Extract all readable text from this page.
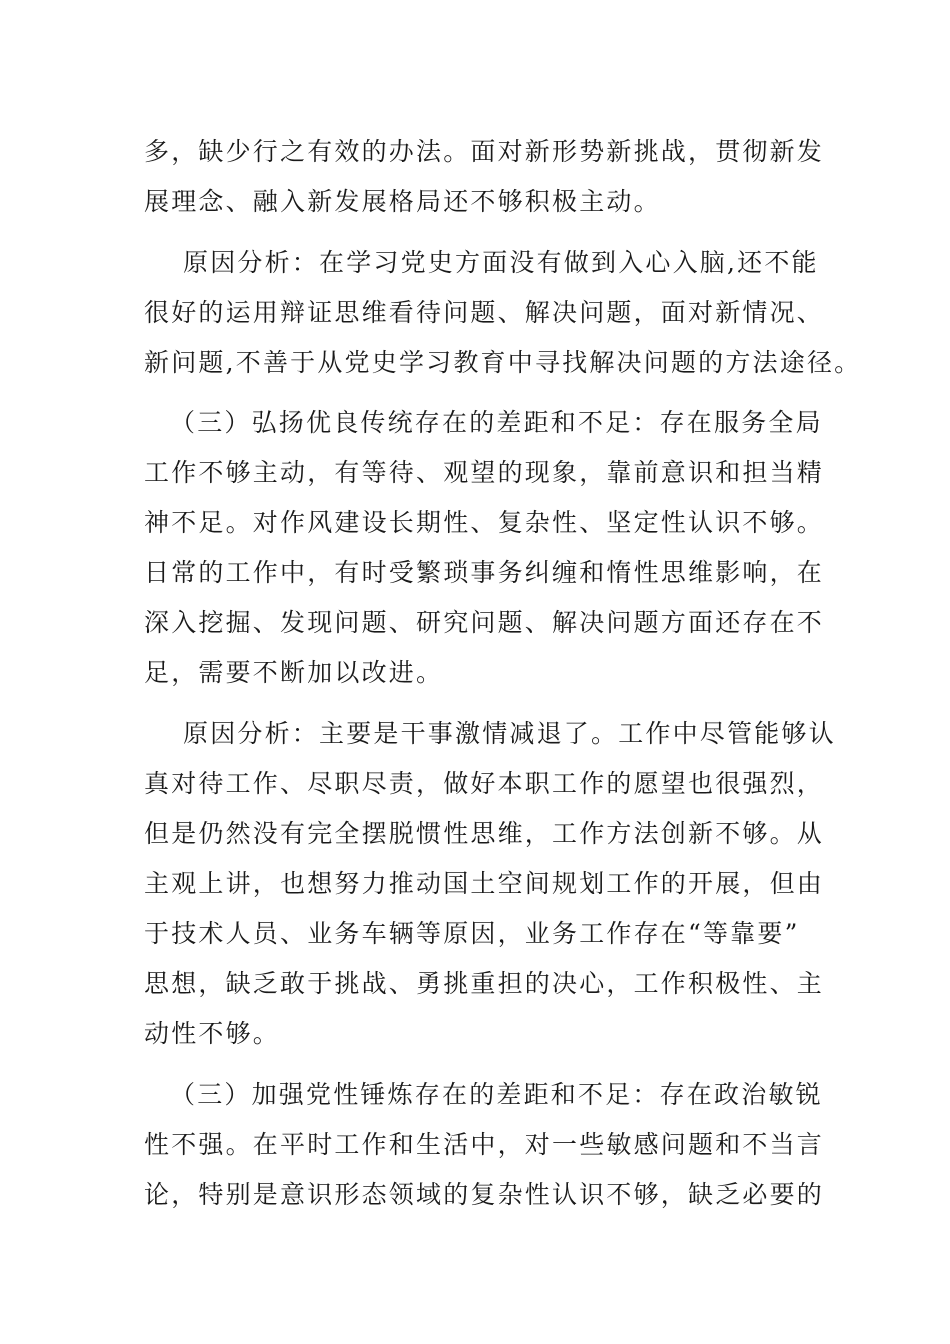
多，缺少行之有效的办法。面对新形势新挑战，贯彻新发
展理念、融入新发展格局还不够积极主动。
原因分析：在学习党史方面没有做到入心入脑,还不能
很好的运用辩证思维看待问题、解决问题，面对新情况、
新问题,不善于从党史学习教育中寻找解决问题的方法途径。
（三）弘扬优良传统存在的差距和不足：存在服务全局
工作不够主动，有等待、观望的现象，靠前意识和担当精
神不足。对作风建设长期性、复杂性、坚定性认识不够。
日常的工作中，有时受繁琐事务纠缠和惰性思维影响，在
深入挖掘、发现问题、研究问题、解决问题方面还存在不
足，需要不断加以改进。
原因分析：主要是干事激情减退了。工作中尽管能够认
真对待工作、尽职尽责，做好本职工作的愿望也很强烈，
但是仍然没有完全摆脱惯性思维，工作方法创新不够。从
主观上讲，也想努力推动国土空间规划工作的开展，但由
于技术人员、业务车辆等原因，业务工作存在“等靠要”
思想，缺乏敢于挑战、勇挑重担的决心，工作积极性、主
动性不够。
（三）加强党性锤炼存在的差距和不足：存在政治敏锐
性不强。在平时工作和生活中，对一些敏感问题和不当言
论，特别是意识形态领域的复杂性认识不够，缺乏必要的
